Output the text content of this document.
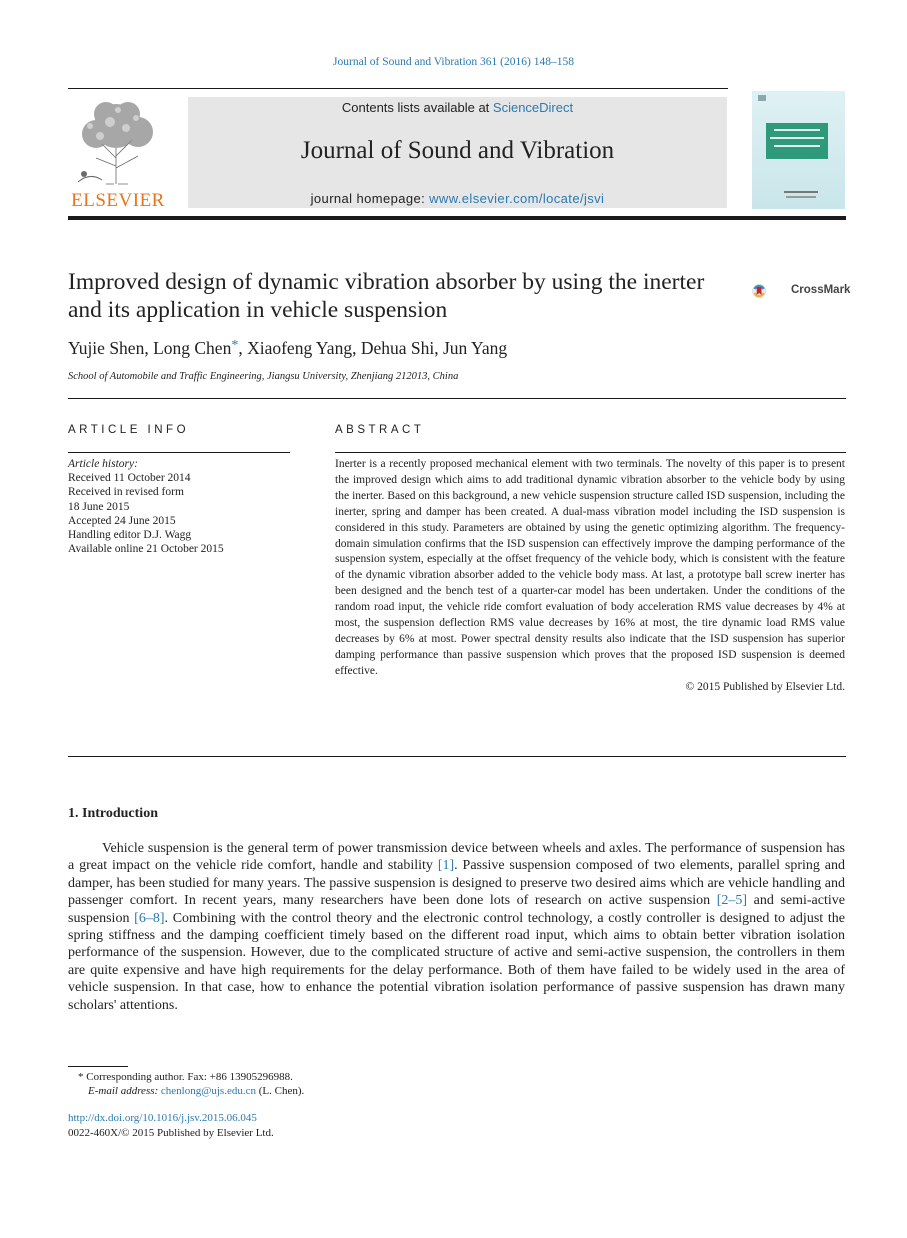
Journal of Sound and Vibration 361 (2016) 148–158
ELSEVIER
Contents lists available at ScienceDirect
Journal of Sound and Vibration
journal homepage: www.elsevier.com/locate/jsvi
Improved design of dynamic vibration absorber by using the inerter and its application in vehicle suspension
CrossMark
Yujie Shen, Long Chen*, Xiaofeng Yang, Dehua Shi, Jun Yang
School of Automobile and Traffic Engineering, Jiangsu University, Zhenjiang 212013, China
ARTICLE INFO	ABSTRACT
Article history:
Received 11 October 2014
Received in revised form
18 June 2015
Accepted 24 June 2015
Handling editor D.J. Wagg
Available online 21 October 2015
Inerter is a recently proposed mechanical element with two terminals. The novelty of this paper is to present the improved design which aims to add traditional dynamic vibration absorber to the vehicle body by using the inerter. Based on this background, a new vehicle suspension structure called ISD suspension, including the inerter, spring and damper has been created. A dual-mass vibration model including the ISD suspension is considered in this study. Parameters are obtained by using the genetic optimizing algorithm. The frequency-domain simulation confirms that the ISD suspension can effectively improve the damping performance of the suspension system, especially at the offset frequency of the vehicle body, which is consistent with the feature of the dynamic vibration absorber added to the vehicle body mass. At last, a prototype ball screw inerter has been designed and the bench test of a quarter-car model has been undertaken. Under the conditions of the random road input, the vehicle ride comfort evaluation of body acceleration RMS value decreases by 4% at most, the suspension deflection RMS value decreases by 16% at most, the tire dynamic load RMS value decreases by 6% at most. Power spectral density results also indicate that the ISD suspension has superior damping performance than passive suspension which proves that the proposed ISD suspension is deemed effective.
© 2015 Published by Elsevier Ltd.
1. Introduction
Vehicle suspension is the general term of power transmission device between wheels and axles. The performance of suspension has a great impact on the vehicle ride comfort, handle and stability [1]. Passive suspension composed of two elements, parallel spring and damper, has been studied for many years. The passive suspension is designed to preserve two desired aims which are vehicle handling and passenger comfort. In recent years, many researchers have been done lots of research on active suspension [2–5] and semi-active suspension [6–8]. Combining with the control theory and the electronic control technology, a costly controller is designed to adjust the spring stiffness and the damping coefficient timely based on the different road input, which aims to obtain better vibration isolation performance of the suspension. However, due to the complicated structure of active and semi-active suspension, the controllers in them are quite expensive and have high requirements for the delay performance. Both of them have failed to be widely used in the area of vehicle suspension. In that case, how to enhance the potential vibration isolation performance of passive suspension has drawn many scholars' attentions.
* Corresponding author. Fax: +86 13905296988.
E-mail address: chenlong@ujs.edu.cn (L. Chen).
http://dx.doi.org/10.1016/j.jsv.2015.06.045
0022-460X/© 2015 Published by Elsevier Ltd.
